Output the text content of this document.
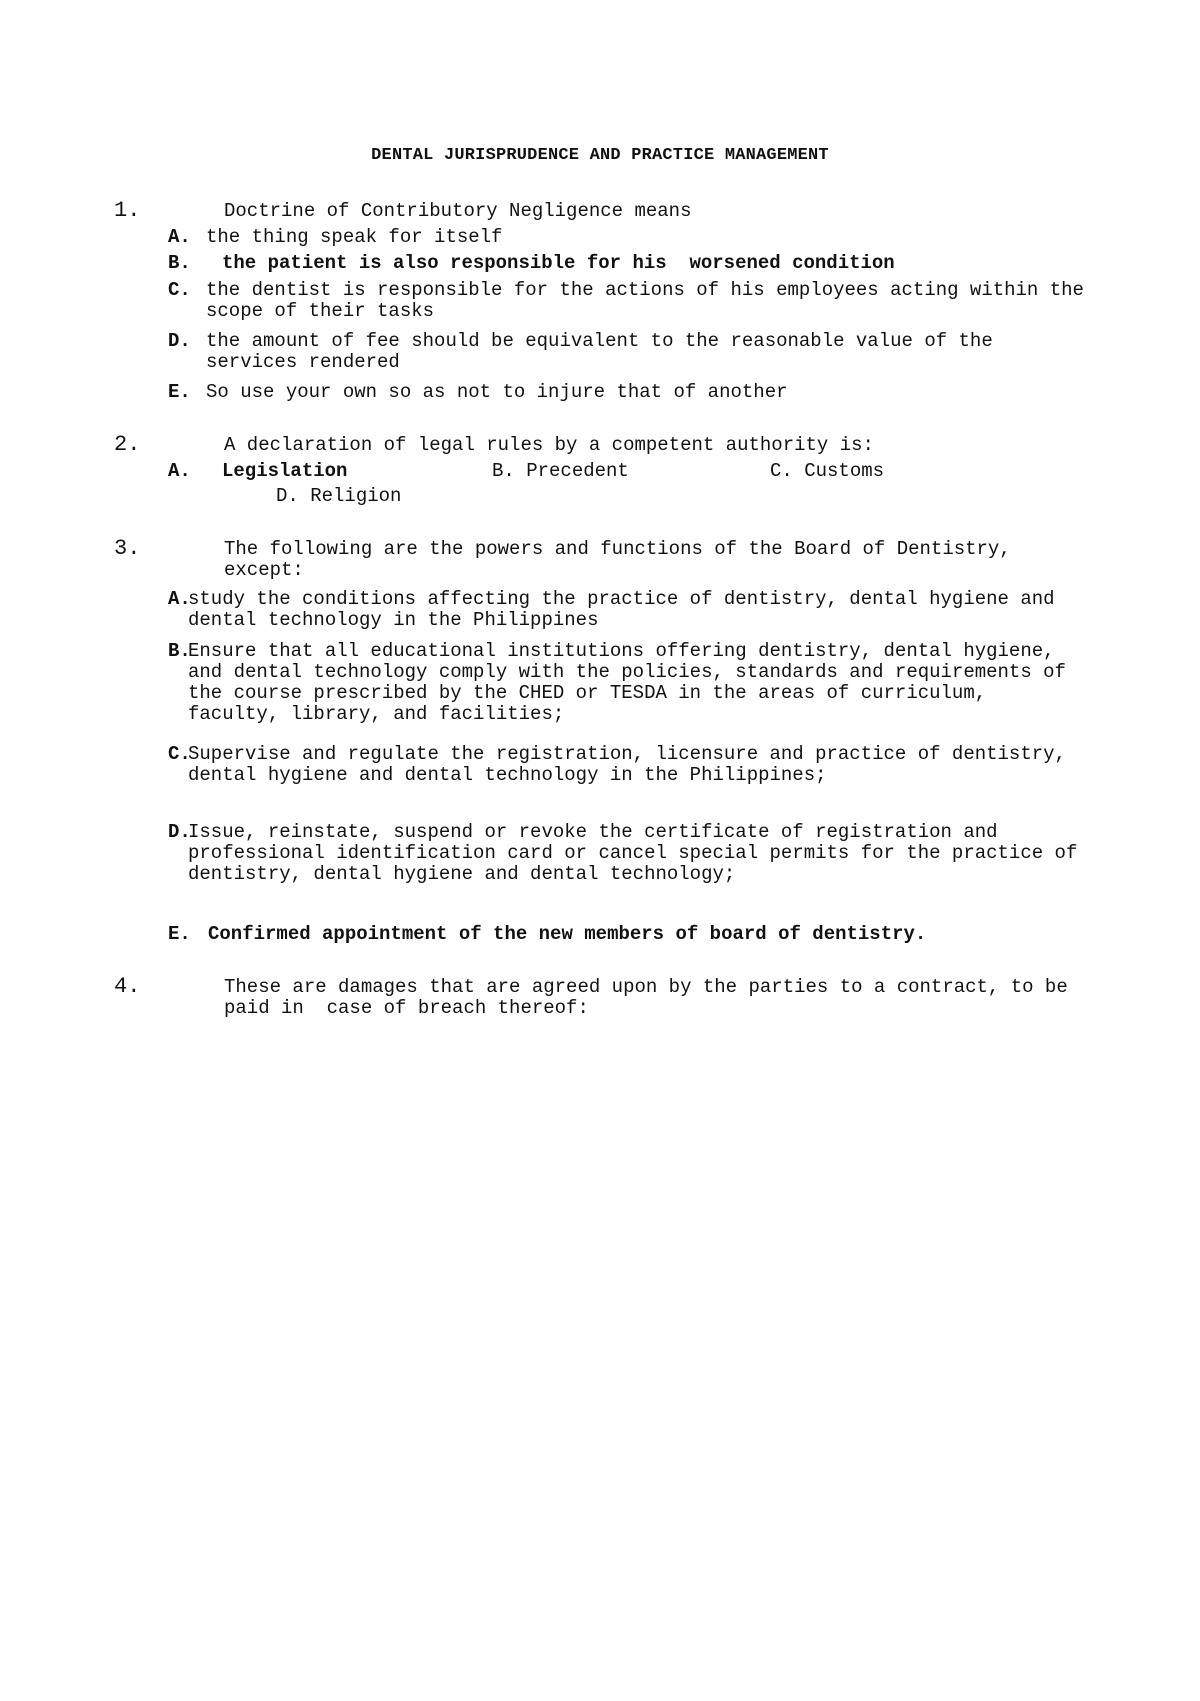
DENTAL JURISPRUDENCE AND PRACTICE MANAGEMENT
1.	Doctrine of Contributory Negligence means
A. the thing speak for itself
B.	the patient is also responsible for his  worsened condition
C. the dentist is responsible for the actions of his employees acting within the scope of their tasks
D. the amount of fee should be equivalent to the reasonable value of the services rendered
E. So use your own so as not to injure that of another
2.	A declaration of legal rules by a competent authority is:
A. Legislation	B. Precedent	C. Customs
D. Religion
3.	The following are the powers and functions of the Board of Dentistry, except:
A.
study the conditions affecting the practice of dentistry, dental hygiene and dental technology in the Philippines
B.
Ensure that all educational institutions offering dentistry, dental hygiene, and dental technology comply with the policies, standards and requirements of the course prescribed by the CHED or TESDA in the areas of curriculum, faculty, library, and facilities;
C.
Supervise and regulate the registration, licensure and practice of dentistry, dental hygiene and dental technology in the Philippines;
D.
Issue, reinstate, suspend or revoke the certificate of registration and professional identification card or cancel special permits for the practice of dentistry, dental hygiene and dental technology;
E. Confirmed appointment of the new members of board of dentistry.
4.	These are damages that are agreed upon by the parties to a contract, to be paid in  case of breach thereof:
